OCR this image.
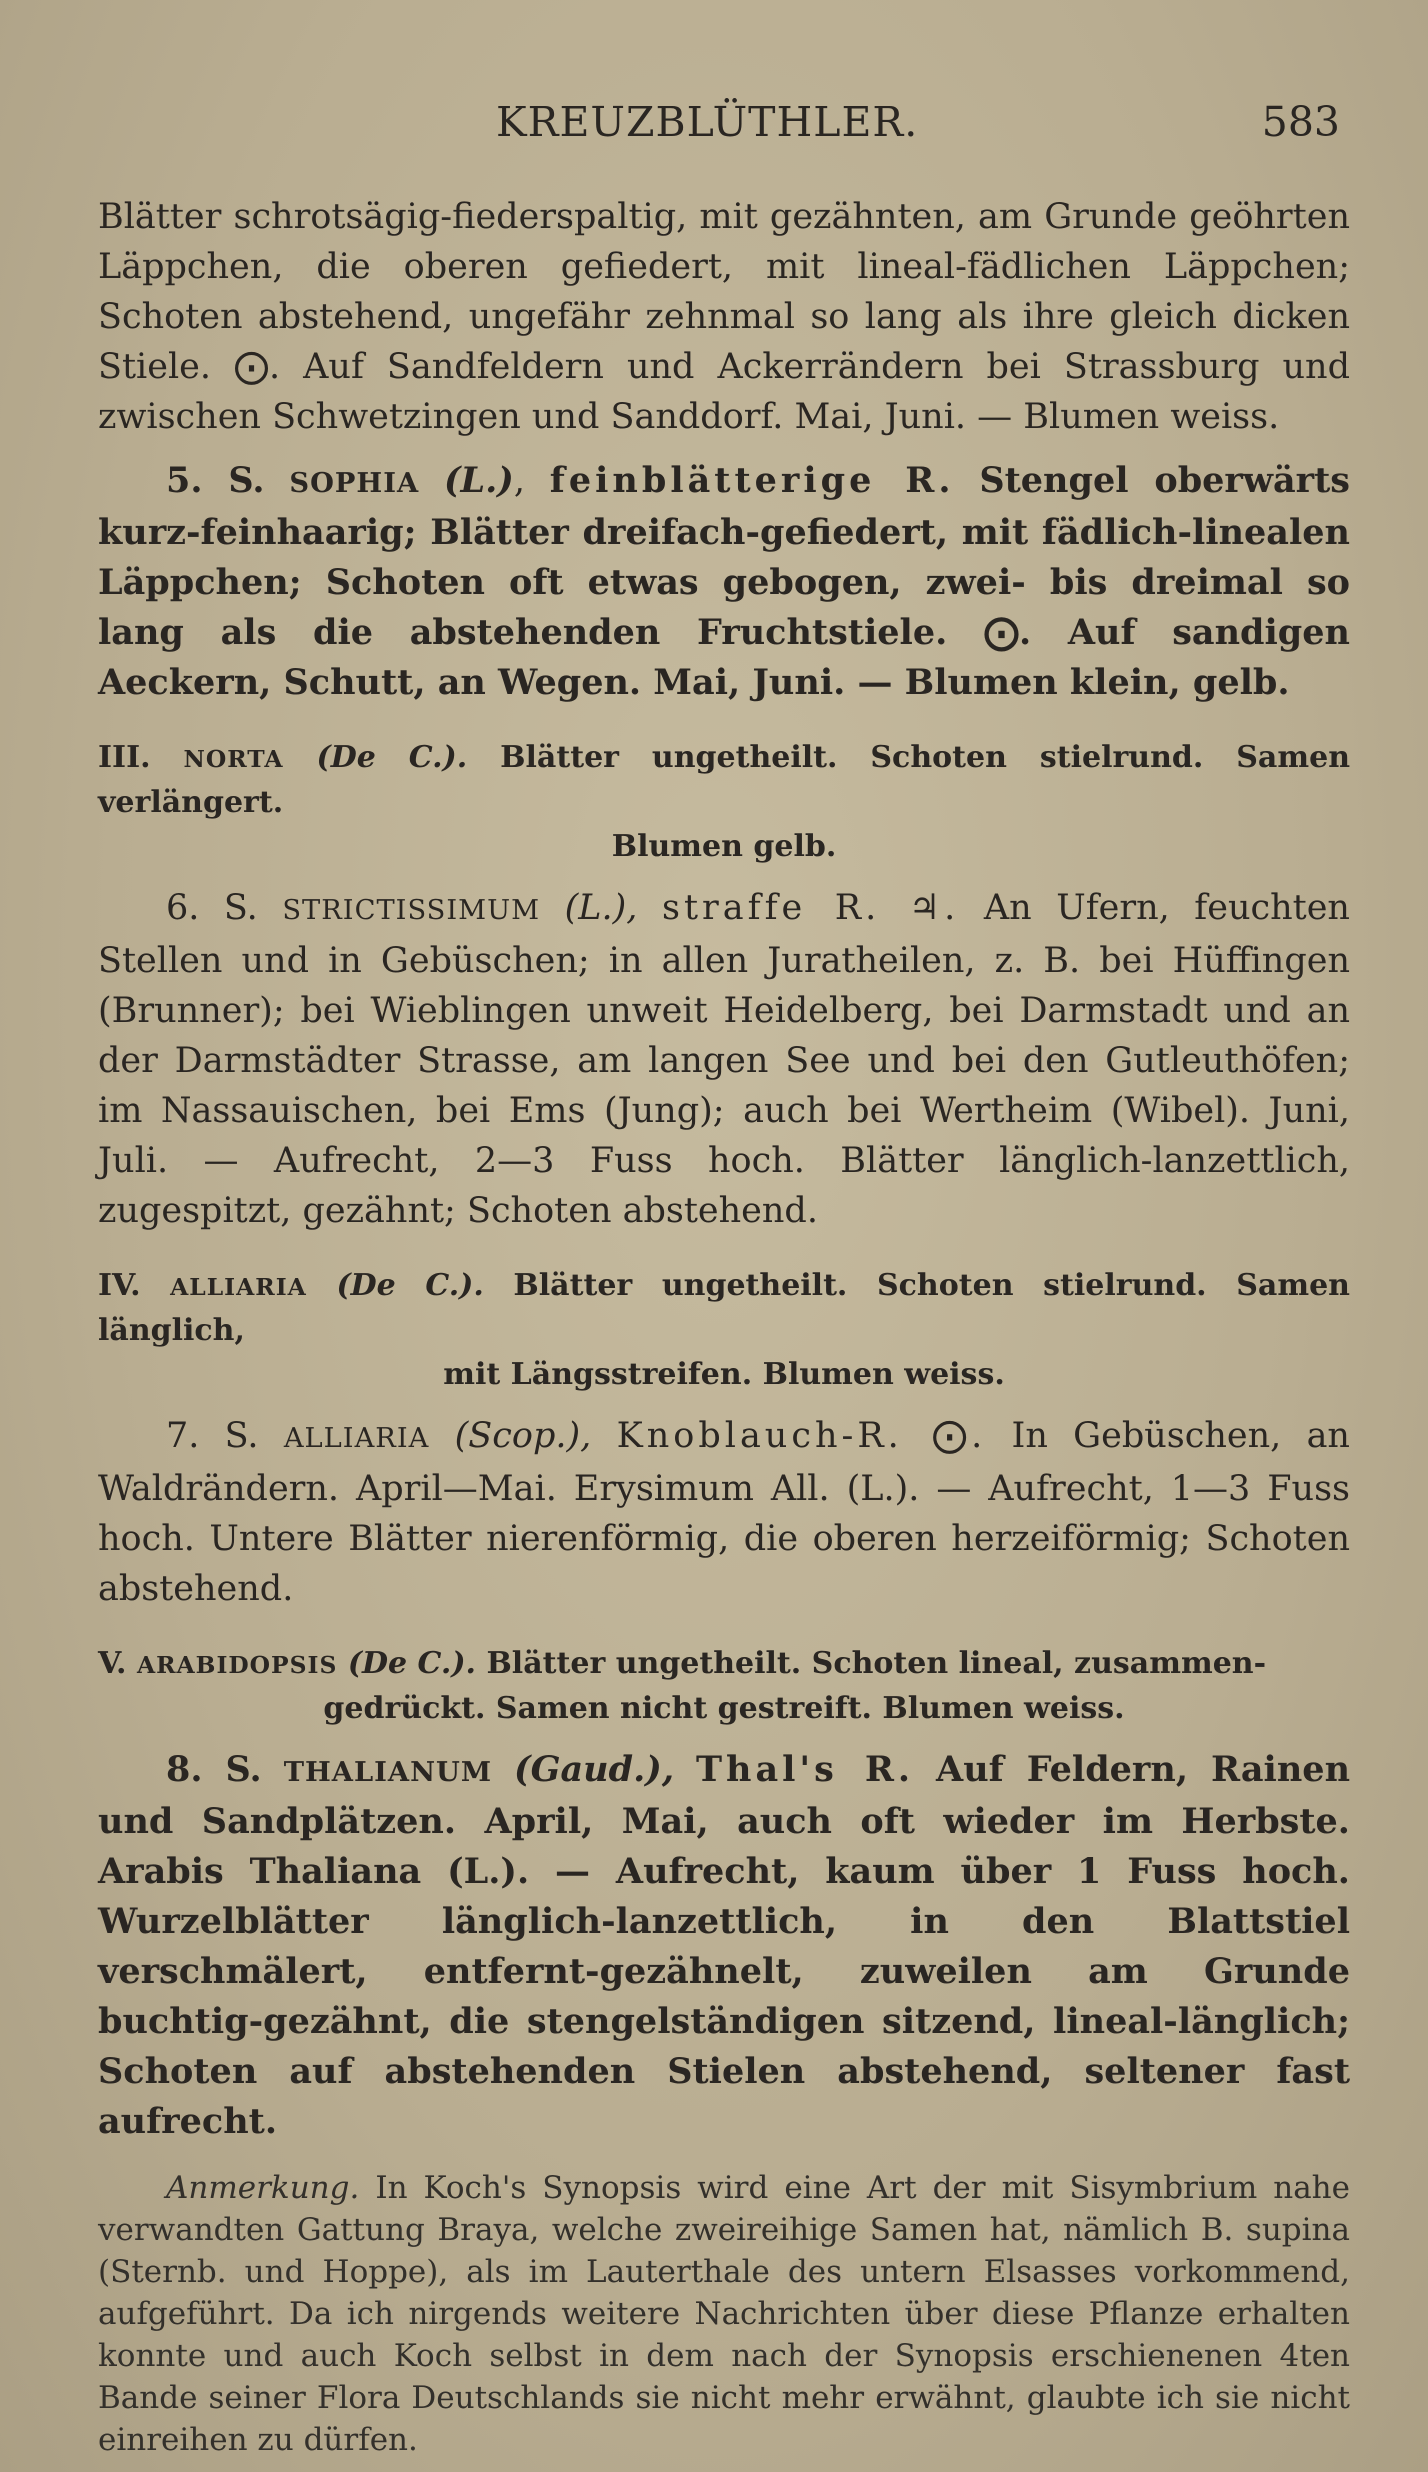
KREUZBLÜTHLER.	583

Blätter schrotsägig-fiederspaltig, mit gezähnten, am Grunde geöhrten Läppchen, die oberen gefiedert, mit lineal-fädlichen Läppchen; Schoten abstehend, ungefähr zehnmal so lang als ihre gleich dicken Stiele. ⨀. Auf Sandfeldern und Ackerrändern bei Strassburg und zwischen Schwetzingen und Sanddorf. Mai, Juni. — Blumen weiss.

5. S. SOPHIA (L.), feinblätterige R. Stengel oberwärts kurz-feinhaarig; Blätter dreifach-gefiedert, mit fädlich-linealen Läppchen; Schoten oft etwas gebogen, zwei- bis dreimal so lang als die abstehenden Fruchtstiele. ⨀. Auf sandigen Aeckern, Schutt, an Wegen. Mai, Juni. — Blumen klein, gelb.

III. NORTA (De C.). Blätter ungetheilt. Schoten stielrund. Samen verlängert.
Blumen gelb.

6. S. STRICTISSIMUM (L.), straffe R. ♃. An Ufern, feuchten Stellen und in Gebüschen; in allen Juratheilen, z. B. bei Hüffingen (Brunner); bei Wieblingen unweit Heidelberg, bei Darmstadt und an der Darmstädter Strasse, am langen See und bei den Gutleuthöfen; im Nassauischen, bei Ems (Jung); auch bei Wertheim (Wibel). Juni, Juli. — Aufrecht, 2—3 Fuss hoch. Blätter länglich-lanzettlich, zugespitzt, gezähnt; Schoten abstehend.

IV. ALLIARIA (De C.). Blätter ungetheilt. Schoten stielrund. Samen länglich,
mit Längsstreifen. Blumen weiss.

7. S. ALLIARIA (Scop.), Knoblauch-R. ⨀. In Gebüschen, an Waldrändern. April—Mai. Erysimum All. (L.). — Aufrecht, 1—3 Fuss hoch. Untere Blätter nierenförmig, die oberen herzeiförmig; Schoten abstehend.

V. ARABIDOPSIS (De C.). Blätter ungetheilt. Schoten lineal, zusammen-
gedrückt. Samen nicht gestreift. Blumen weiss.

8. S. THALIANUM (Gaud.), Thal's R. Auf Feldern, Rainen und Sandplätzen. April, Mai, auch oft wieder im Herbste. Arabis Thaliana (L.). — Aufrecht, kaum über 1 Fuss hoch. Wurzelblätter länglich-lanzettlich, in den Blattstiel verschmälert, entfernt-gezähnelt, zuweilen am Grunde buchtig-gezähnt, die stengelständigen sitzend, lineal-länglich; Schoten auf abstehenden Stielen abstehend, seltener fast aufrecht.

Anmerkung. In Koch's Synopsis wird eine Art der mit Sisymbrium nahe verwandten Gattung Braya, welche zweireihige Samen hat, nämlich B. supina (Sternb. und Hoppe), als im Lauterthale des untern Elsasses vorkommend, aufgeführt. Da ich nirgends weitere Nachrichten über diese Pflanze erhalten konnte und auch Koch selbst in dem nach der Synopsis erschienenen 4ten Bande seiner Flora Deutschlands sie nicht mehr erwähnt, glaubte ich sie nicht einreihen zu dürfen.
